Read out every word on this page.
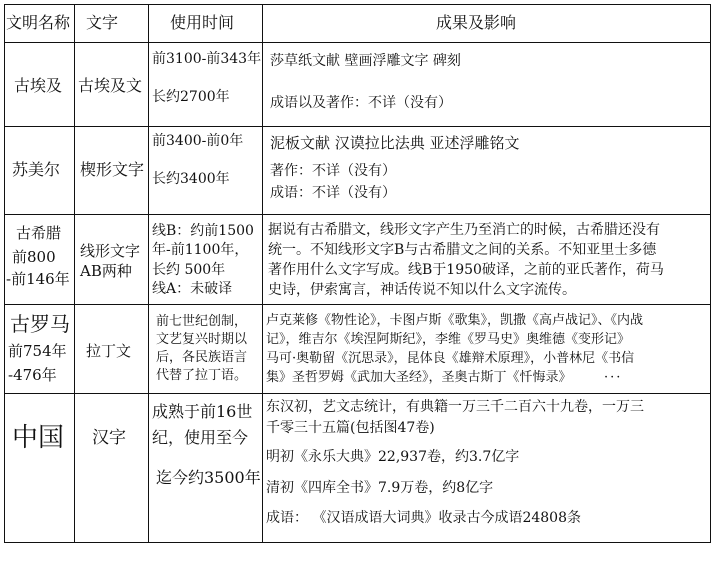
文明名称 文字	使用时间	成果及影响
古埃及 古埃及文
前3100-前343年
长约2700年
莎草纸文献 壁画浮雕文字 碑刻
成语以及著作：不详（没有）
苏美尔 楔形文字
前3400-前0年
长约3400年
泥板文献 汉谟拉比法典 亚述浮雕铭文
著作：不详（没有）
成语：不详（没有）
古希腊
前800
-前146年
线形文字
AB两种
线B：约前1500
年-前1100年，
长约 500年
线A：未破译
据说有古希腊文，线形文字产生乃至消亡的时候，古希腊还没有
统一。不知线形文字B与古希腊文之间的关系。不知亚里士多德
著作用什么文字写成。线B于1950破译，之前的亚氏著作，荷马
史诗，伊索寓言，神话传说不知以什么文字流传。
古罗马
前754年
-476年
拉丁文
前七世纪创制，
文艺复兴时期以
后，各民族语言
代替了拉丁语。
卢克莱修《物性论》，卡图卢斯《歌集》，凯撒《高卢战记》、《内战
记》，维吉尔《埃涅阿斯纪》，李维《罗马史》奥维德《变形记》
马可·奥勒留《沉思录》，昆体良《雄辩术原理》，小普林尼《书信
集》圣哲罗姆《武加大圣经》，圣奥古斯丁《忏悔录》 ···
中国 汉字
成熟于前16世
纪，使用至今
迄今约3500年
东汉初，艺文志统计，有典籍一万三千二百六十九卷，一万三
千零三十五篇(包括图47卷)
明初《永乐大典》22,937卷，约3.7亿字
清初《四库全书》7.9万卷，约8亿字
成语： 《汉语成语大词典》收录古今成语24808条
